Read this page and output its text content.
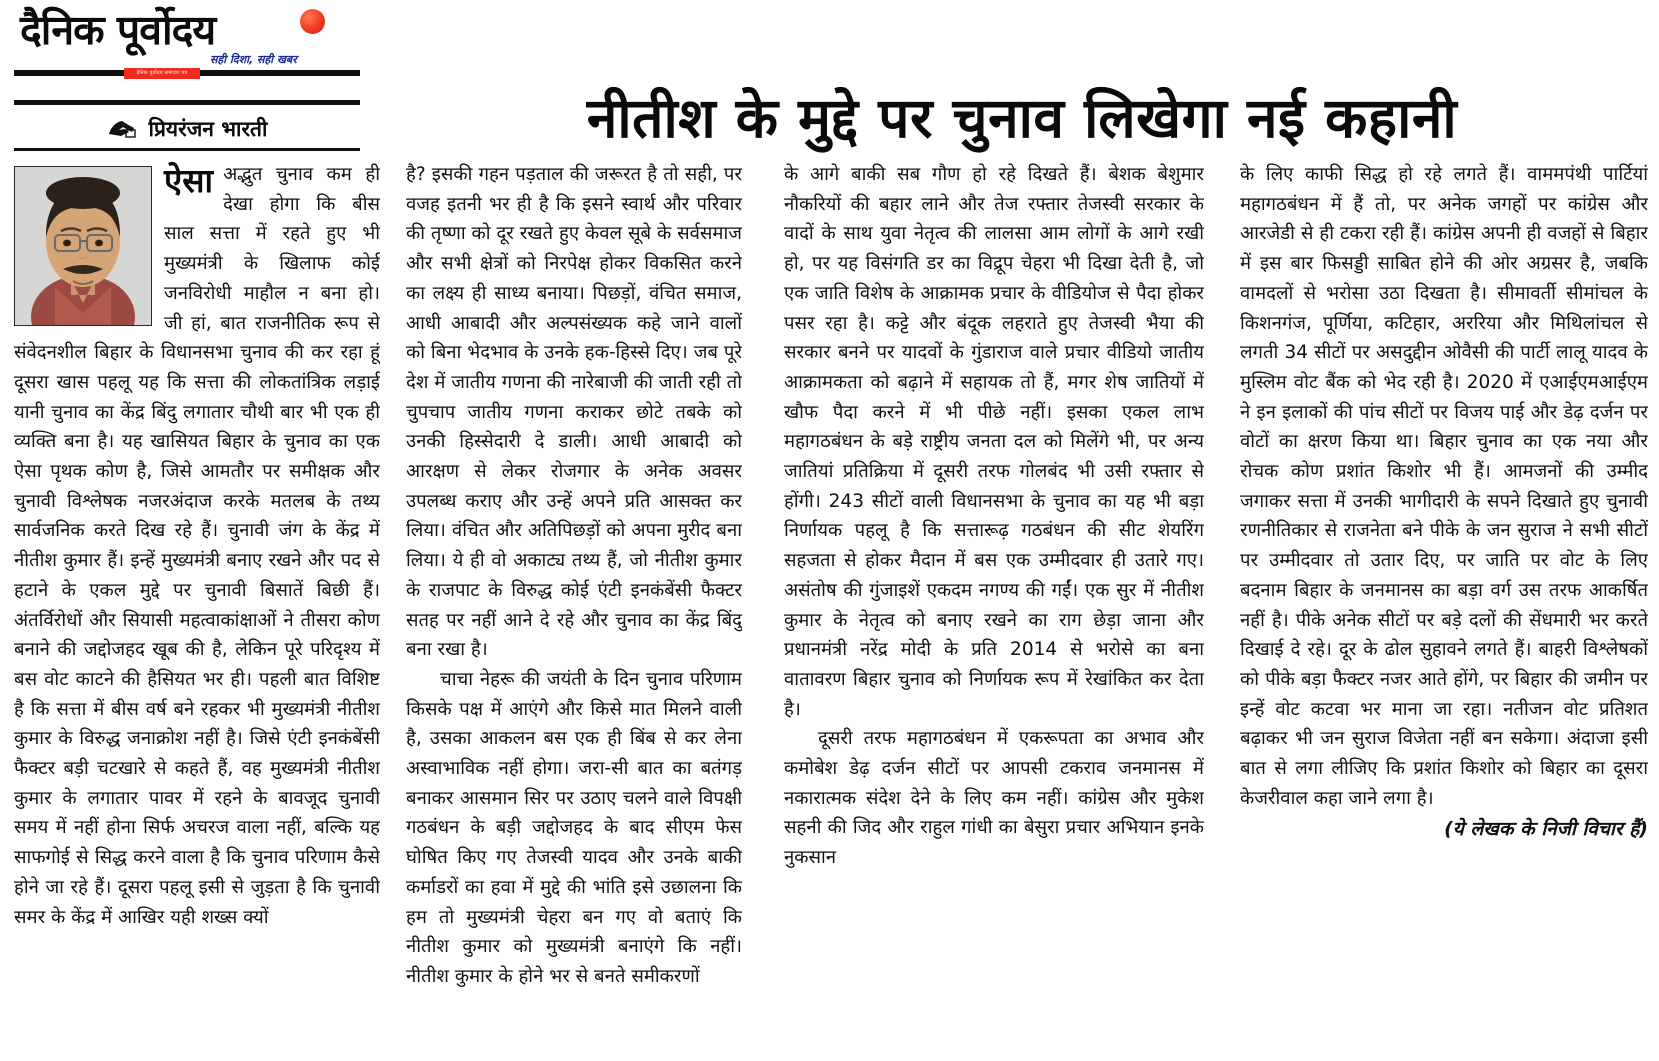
दैनिक पूर्वोदय
सही दिशा, सही खबर
दैनिक पूर्वोदय समाचार पत्र
प्रियरंजन भारती	नीतीश के मुद्दे पर चुनाव लिखेगा नई कहानी

ऐसा अद्भुत चुनाव कम ही देखा होगा कि बीस साल सत्ता में रहते हुए भी मुख्यमंत्री के खिलाफ कोई जनविरोधी माहौल न बना हो। जी हां, बात राजनीतिक रूप से संवेदनशील बिहार के विधानसभा चुनाव की कर रहा हूं दूसरा खास पहलू यह कि सत्ता की लोकतांत्रिक लड़ाई यानी चुनाव का केंद्र बिंदु लगातार चौथी बार भी एक ही व्यक्ति बना है। यह खासियत बिहार के चुनाव का एक ऐसा पृथक कोण है, जिसे आमतौर पर समीक्षक और चुनावी विश्लेषक नजरअंदाज करके मतलब के तथ्य सार्वजनिक करते दिख रहे हैं। चुनावी जंग के केंद्र में नीतीश कुमार हैं। इन्हें मुख्यमंत्री बनाए रखने और पद से हटाने के एकल मुद्दे पर चुनावी बिसातें बिछी हैं। अंतर्विरोधों और सियासी महत्वाकांक्षाओं ने तीसरा कोण बनाने की जद्दोजहद खूब की है, लेकिन पूरे परिदृश्य में बस वोट काटने की हैसियत भर ही। पहली बात विशिष्ट है कि सत्ता में बीस वर्ष बने रहकर भी मुख्यमंत्री नीतीश कुमार के विरुद्ध जनाक्रोश नहीं है। जिसे एंटी इनकंबेंसी फैक्टर बड़ी चटखारे से कहते हैं, वह मुख्यमंत्री नीतीश कुमार के लगातार पावर में रहने के बावजूद चुनावी समय में नहीं होना सिर्फ अचरज वाला नहीं, बल्कि यह साफगोई से सिद्ध करने वाला है कि चुनाव परिणाम कैसे होने जा रहे हैं। दूसरा पहलू इसी से जुड़ता है कि चुनावी समर के केंद्र में आखिर यही शख्स क्यों

है? इसकी गहन पड़ताल की जरूरत है तो सही, पर वजह इतनी भर ही है कि इसने स्वार्थ और परिवार की तृष्णा को दूर रखते हुए केवल सूबे के सर्वसमाज और सभी क्षेत्रों को निरपेक्ष होकर विकसित करने का लक्ष्य ही साध्य बनाया। पिछड़ों, वंचित समाज, आधी आबादी और अल्पसंख्यक कहे जाने वालों को बिना भेदभाव के उनके हक-हिस्से दिए। जब पूरे देश में जातीय गणना की नारेबाजी की जाती रही तो चुपचाप जातीय गणना कराकर छोटे तबके को उनकी हिस्सेदारी दे डाली। आधी आबादी को आरक्षण से लेकर रोजगार के अनेक अवसर उपलब्ध कराए और उन्हें अपने प्रति आसक्त कर लिया। वंचित और अतिपिछड़ों को अपना मुरीद बना लिया। ये ही वो अकाट्य तथ्य हैं, जो नीतीश कुमार के राजपाट के विरुद्ध कोई एंटी इनकंबेंसी फैक्टर सतह पर नहीं आने दे रहे और चुनाव का केंद्र बिंदु बना रखा है।

चाचा नेहरू की जयंती के दिन चुनाव परिणाम किसके पक्ष में आएंगे और किसे मात मिलने वाली है, उसका आकलन बस एक ही बिंब से कर लेना अस्वाभाविक नहीं होगा। जरा-सी बात का बतंगड़ बनाकर आसमान सिर पर उठाए चलने वाले विपक्षी गठबंधन के बड़ी जद्दोजहद के बाद सीएम फेस घोषित किए गए तेजस्वी यादव और उनके बाकी कर्माडरों का हवा में मुद्दे की भांति इसे उछालना कि हम तो मुख्यमंत्री चेहरा बन गए वो बताएं कि नीतीश कुमार को मुख्यमंत्री बनाएंगे कि नहीं। नीतीश कुमार के होने भर से बनते समीकरणों

के आगे बाकी सब गौण हो रहे दिखते हैं। बेशक बेशुमार नौकरियों की बहार लाने और तेज रफ्तार तेजस्वी सरकार के वादों के साथ युवा नेतृत्व की लालसा आम लोगों के आगे रखी हो, पर यह विसंगति डर का विद्रूप चेहरा भी दिखा देती है, जो एक जाति विशेष के आक्रामक प्रचार के वीडियोज से पैदा होकर पसर रहा है। कट्टे और बंदूक लहराते हुए तेजस्वी भैया की सरकार बनने पर यादवों के गुंडाराज वाले प्रचार वीडियो जातीय आक्रामकता को बढ़ाने में सहायक तो हैं, मगर शेष जातियों में खौफ पैदा करने में भी पीछे नहीं। इसका एकल लाभ महागठबंधन के बड़े राष्ट्रीय जनता दल को मिलेंगे भी, पर अन्य जातियां प्रतिक्रिया में दूसरी तरफ गोलबंद भी उसी रफ्तार से होंगी। 243 सीटों वाली विधानसभा के चुनाव का यह भी बड़ा निर्णायक पहलू है कि सत्तारूढ़ गठबंधन की सीट शेयरिंग सहजता से होकर मैदान में बस एक उम्मीदवार ही उतारे गए। असंतोष की गुंजाइशें एकदम नगण्य की गईं। एक सुर में नीतीश कुमार के नेतृत्व को बनाए रखने का राग छेड़ा जाना और प्रधानमंत्री नरेंद्र मोदी के प्रति 2014 से भरोसे का बना वातावरण बिहार चुनाव को निर्णायक रूप में रेखांकित कर देता है।

दूसरी तरफ महागठबंधन में एकरूपता का अभाव और कमोबेश डेढ़ दर्जन सीटों पर आपसी टकराव जनमानस में नकारात्मक संदेश देने के लिए कम नहीं। कांग्रेस और मुकेश सहनी की जिद और राहुल गांधी का बेसुरा प्रचार अभियान इनके नुकसान

के लिए काफी सिद्ध हो रहे लगते हैं। वाममपंथी पार्टियां महागठबंधन में हैं तो, पर अनेक जगहों पर कांग्रेस और आरजेडी से ही टकरा रही हैं। कांग्रेस अपनी ही वजहों से बिहार में इस बार फिसड्डी साबित होने की ओर अग्रसर है, जबकि वामदलों से भरोसा उठा दिखता है। सीमावर्ती सीमांचल के किशनगंज, पूर्णिया, कटिहार, अररिया और मिथिलांचल से लगती 34 सीटों पर असदुद्दीन ओवैसी की पार्टी लालू यादव के मुस्लिम वोट बैंक को भेद रही है। 2020 में एआईएमआईएम ने इन इलाकों की पांच सीटों पर विजय पाई और डेढ़ दर्जन पर वोटों का क्षरण किया था। बिहार चुनाव का एक नया और रोचक कोण प्रशांत किशोर भी हैं। आमजनों की उम्मीद जगाकर सत्ता में उनकी भागीदारी के सपने दिखाते हुए चुनावी रणनीतिकार से राजनेता बने पीके के जन सुराज ने सभी सीटों पर उम्मीदवार तो उतार दिए, पर जाति पर वोट के लिए बदनाम बिहार के जनमानस का बड़ा वर्ग उस तरफ आकर्षित नहीं है। पीके अनेक सीटों पर बड़े दलों की सेंधमारी भर करते दिखाई दे रहे। दूर के ढोल सुहावने लगते हैं। बाहरी विश्लेषकों को पीके बड़ा फैक्टर नजर आते होंगे, पर बिहार की जमीन पर इन्हें वोट कटवा भर माना जा रहा। नतीजन वोट प्रतिशत बढ़ाकर भी जन सुराज विजेता नहीं बन सकेगा। अंदाजा इसी बात से लगा लीजिए कि प्रशांत किशोर को बिहार का दूसरा केजरीवाल कहा जाने लगा है।

(ये लेखक के निजी विचार हैं)
